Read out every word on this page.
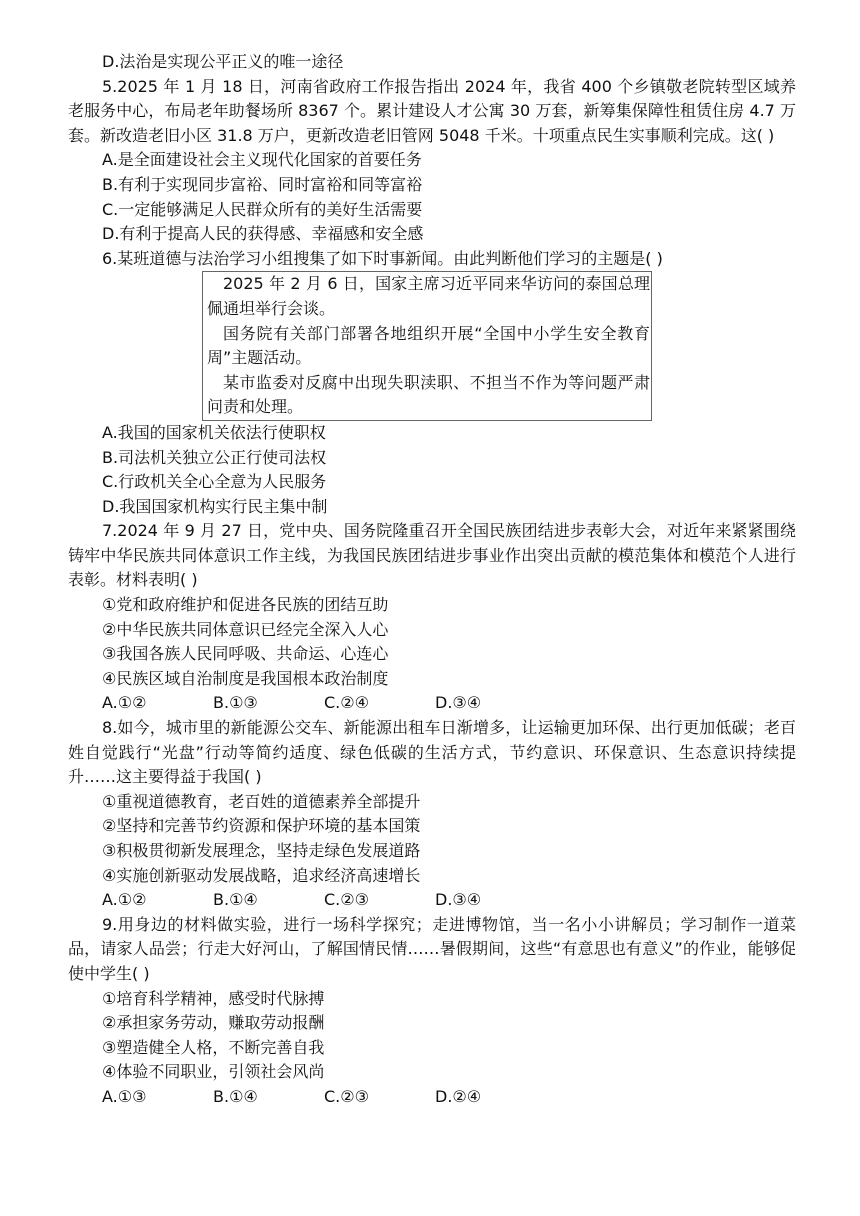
D.法治是实现公平正义的唯一途径
5.2025 年 1 月 18 日，河南省政府工作报告指出 2024 年，我省 400 个乡镇敬老院转型区域养老服务中心，布局老年助餐场所 8367 个。累计建设人才公寓 30 万套，新筹集保障性租赁住房 4.7 万套。新改造老旧小区 31.8 万户，更新改造老旧管网 5048 千米。十项重点民生实事顺利完成。这( )
A.是全面建设社会主义现代化国家的首要任务
B.有利于实现同步富裕、同时富裕和同等富裕
C.一定能够满足人民群众所有的美好生活需要
D.有利于提高人民的获得感、幸福感和安全感
6.某班道德与法治学习小组搜集了如下时事新闻。由此判断他们学习的主题是( )
2025 年 2 月 6 日，国家主席习近平同来华访问的泰国总理佩通坦举行会谈。
国务院有关部门部署各地组织开展“全国中小学生安全教育周”主题活动。
某市监委对反腐中出现失职渎职、不担当不作为等问题严肃问责和处理。
A.我国的国家机关依法行使职权
B.司法机关独立公正行使司法权
C.行政机关全心全意为人民服务
D.我国国家机构实行民主集中制
7.2024 年 9 月 27 日，党中央、国务院隆重召开全国民族团结进步表彰大会，对近年来紧紧围绕铸牢中华民族共同体意识工作主线，为我国民族团结进步事业作出突出贡献的模范集体和模范个人进行表彰。材料表明( )
①党和政府维护和促进各民族的团结互助
②中华民族共同体意识已经完全深入人心
③我国各族人民同呼吸、共命运、心连心
④民族区域自治制度是我国根本政治制度
A.①②	B.①③	C.②④	D.③④
8.如今，城市里的新能源公交车、新能源出租车日渐增多，让运输更加环保、出行更加低碳；老百姓自觉践行“光盘”行动等简约适度、绿色低碳的生活方式，节约意识、环保意识、生态意识持续提升……这主要得益于我国( )
①重视道德教育，老百姓的道德素养全部提升
②坚持和完善节约资源和保护环境的基本国策
③积极贯彻新发展理念，坚持走绿色发展道路
④实施创新驱动发展战略，追求经济高速增长
A.①②	B.①④	C.②③	D.③④
9.用身边的材料做实验，进行一场科学探究；走进博物馆，当一名小小讲解员；学习制作一道菜品，请家人品尝；行走大好河山，了解国情民情……暑假期间，这些“有意思也有意义”的作业，能够促使中学生( )
①培育科学精神，感受时代脉搏
②承担家务劳动，赚取劳动报酬
③塑造健全人格，不断完善自我
④体验不同职业，引领社会风尚
A.①③	B.①④	C.②③	D.②④
